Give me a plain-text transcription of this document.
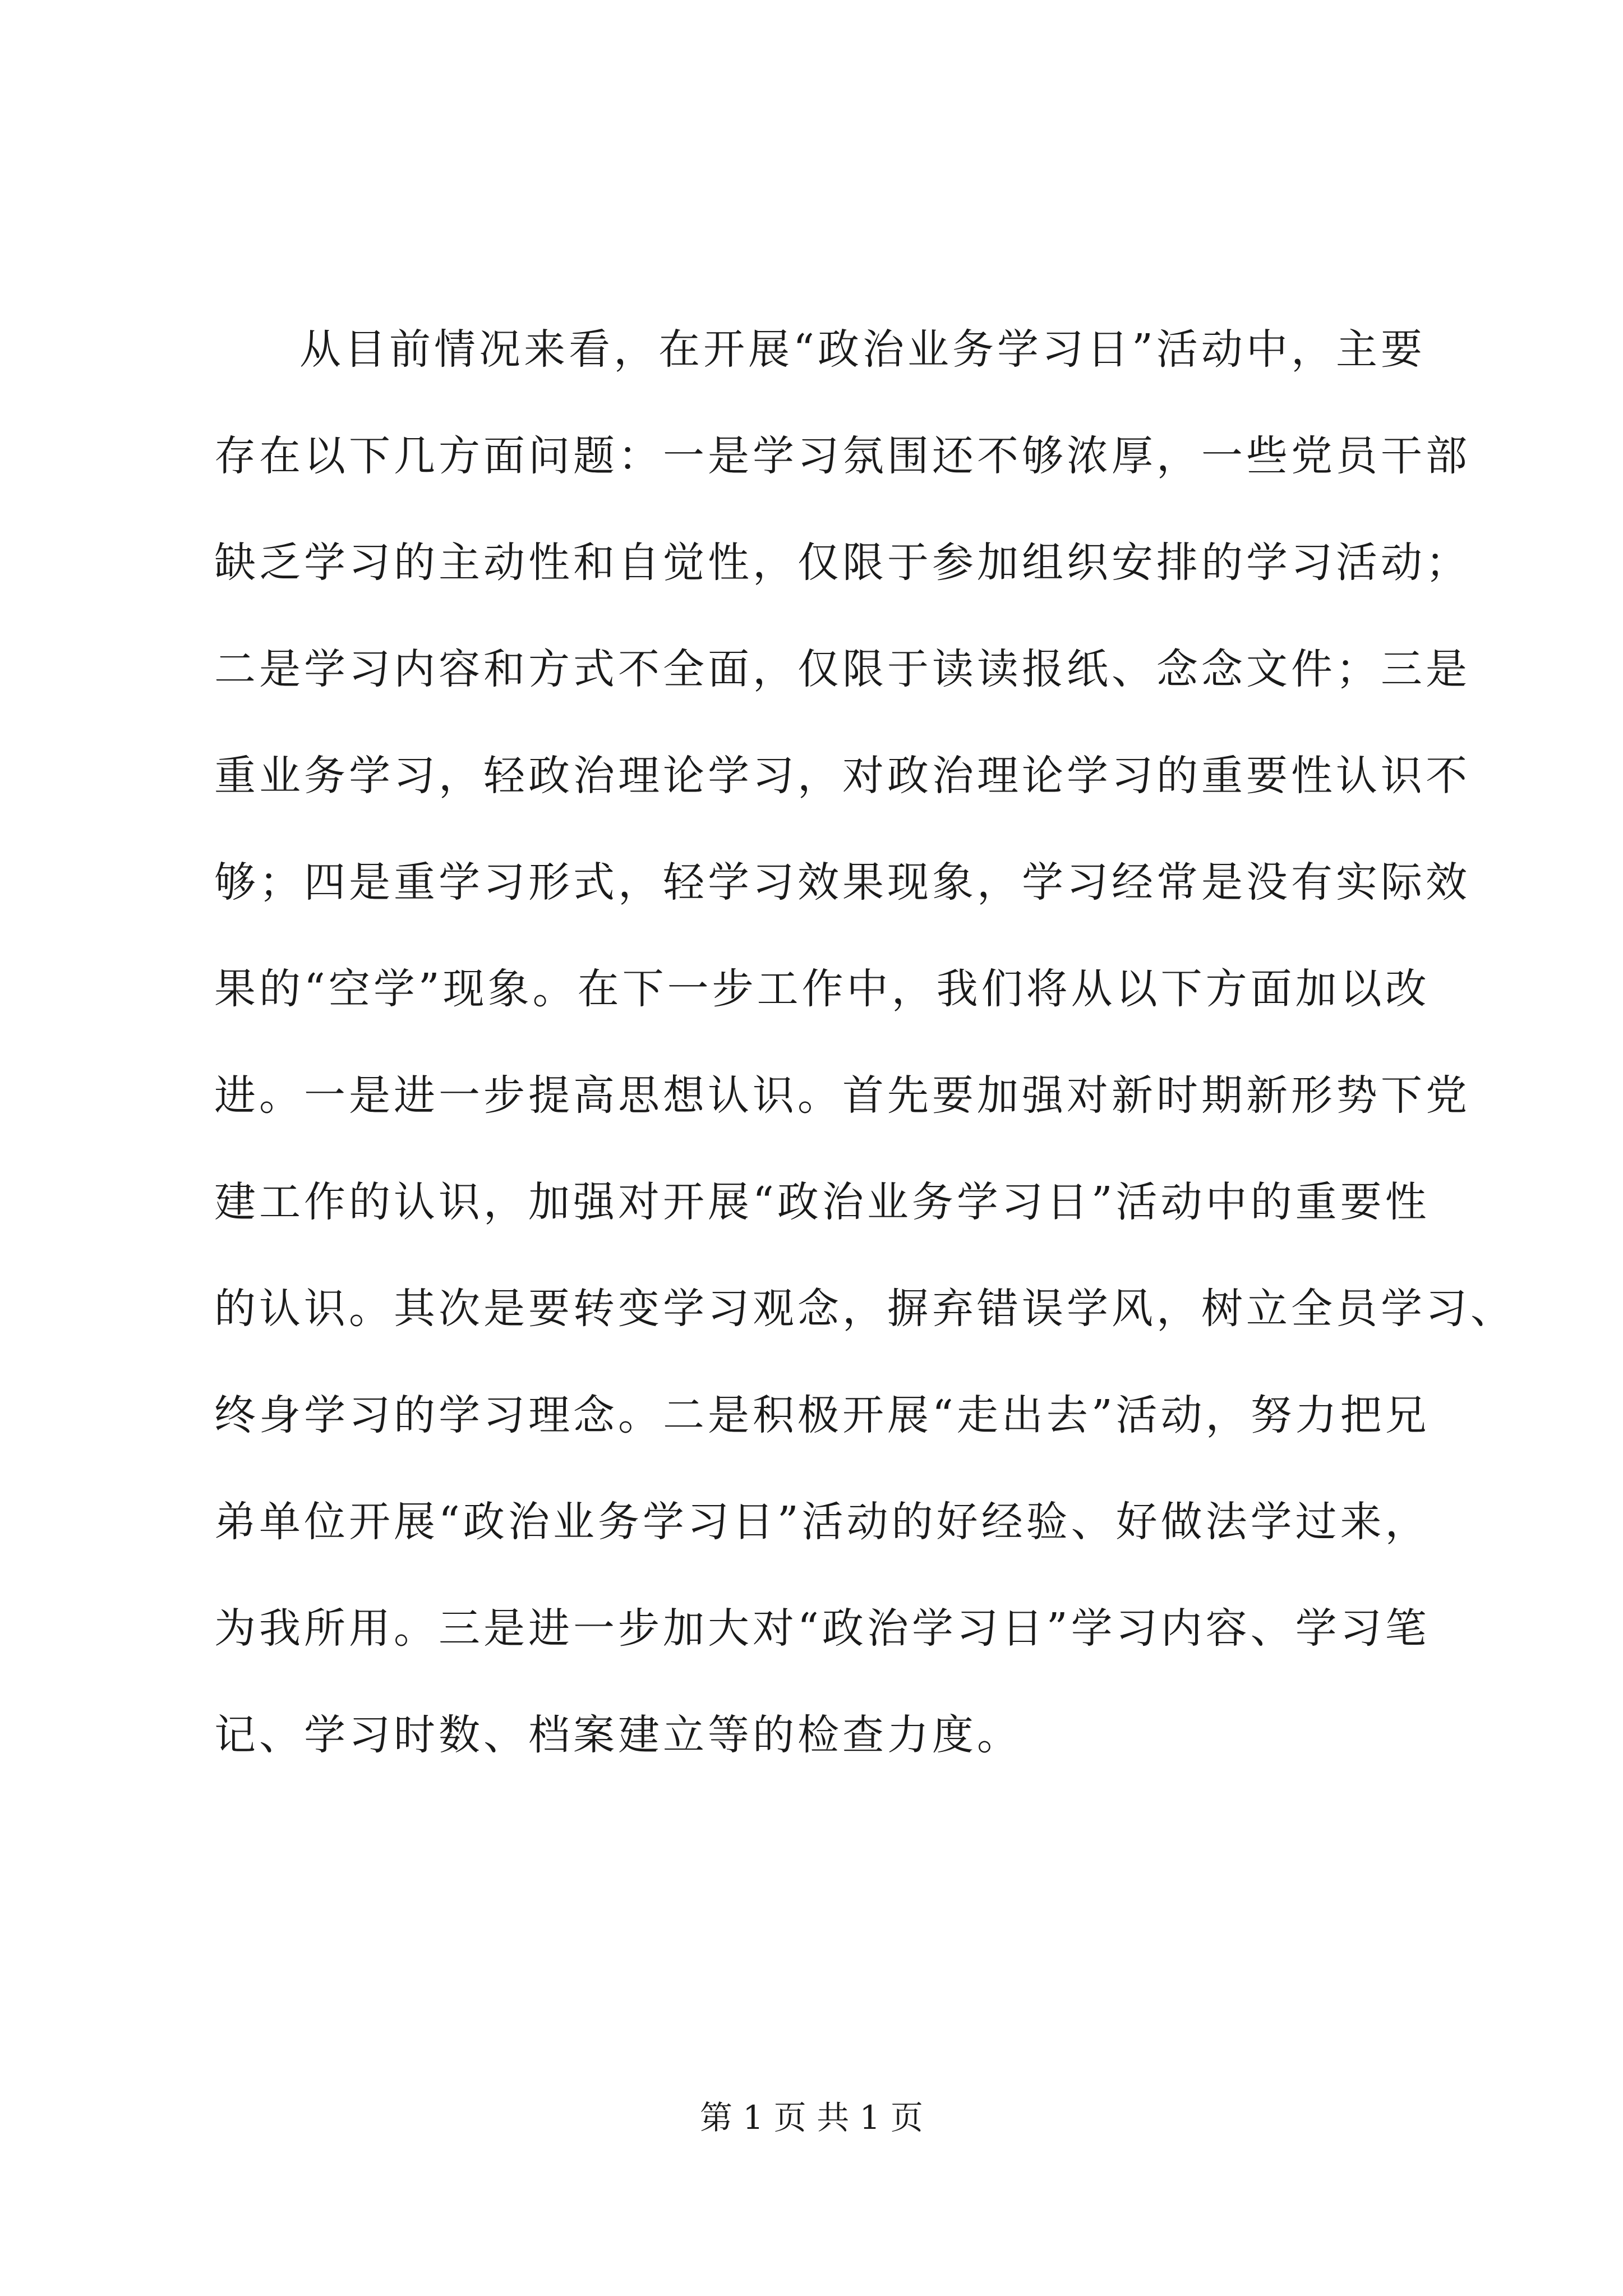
从目前情况来看，在开展“政治业务学习日”活动中，主要
存在以下几方面问题：一是学习氛围还不够浓厚，一些党员干部
缺乏学习的主动性和自觉性，仅限于参加组织安排的学习活动；
二是学习内容和方式不全面，仅限于读读报纸、念念文件；三是
重业务学习，轻政治理论学习，对政治理论学习的重要性认识不
够；四是重学习形式，轻学习效果现象，学习经常是没有实际效
果的“空学”现象。在下一步工作中，我们将从以下方面加以改
进。一是进一步提高思想认识。首先要加强对新时期新形势下党
建工作的认识，加强对开展“政治业务学习日”活动中的重要性
的认识。其次是要转变学习观念，摒弃错误学风，树立全员学习、
终身学习的学习理念。二是积极开展“走出去”活动，努力把兄
弟单位开展“政治业务学习日”活动的好经验、好做法学过来，
为我所用。三是进一步加大对“政治学习日”学习内容、学习笔
记、学习时数、档案建立等的检查力度。
第 1 页 共 1 页
